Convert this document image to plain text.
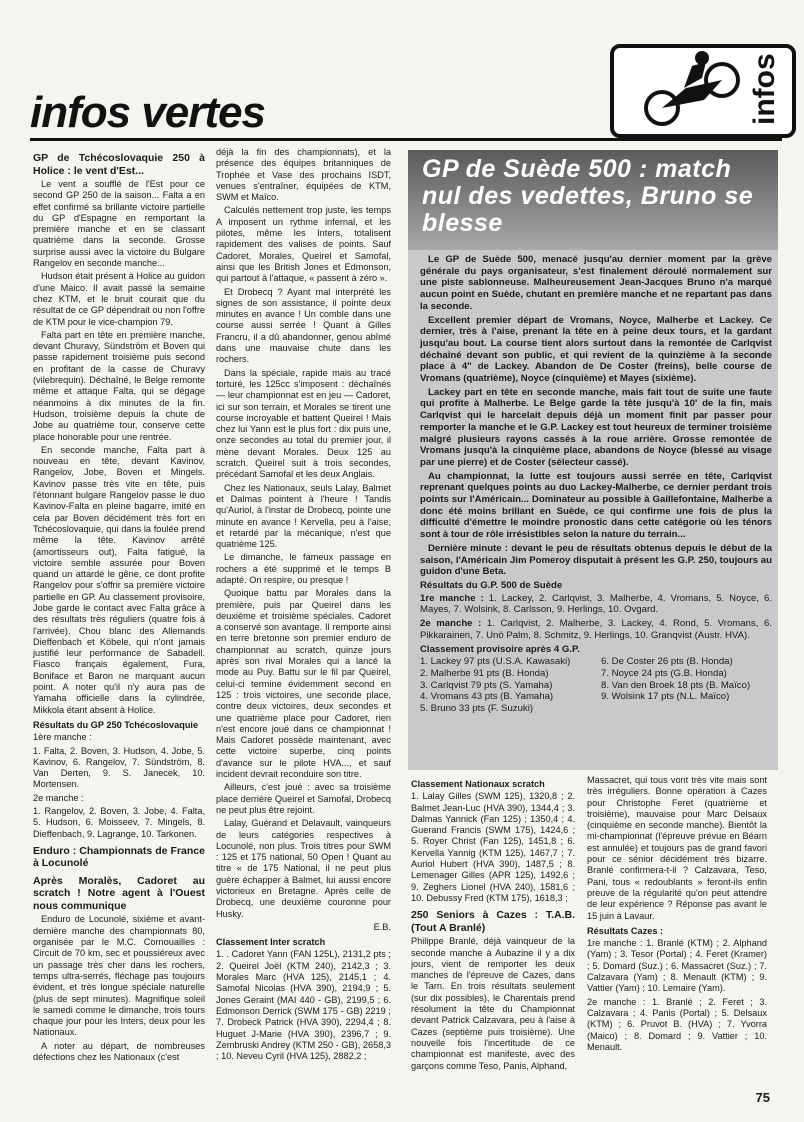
infos vertes	infos

GP de Tchécoslovaquie 250 à Holice : le vent d'Est...

Le vent a soufflé de l'Est pour ce second GP 250 de la saison... Falta a en effet confirmé sa brillante victoire partielle du GP d'Espagne en remportant la première manche et en se classant quatrième dans la seconde. Grosse surprise aussi avec la victoire du Bulgare Rangelov en seconde manche...

Hudson était présent à Holice au guidon d'une Maico. Il avait passé la semaine chez KTM, et le bruit courait que du résultat de ce GP dépendrait ou non l'offre de KTM pour le vice-champion 79.

Falta part en tête en première manche, devant Churavy, Sündström et Boven qui passe rapidement troisième puis second en profitant de la casse de Churavy (vilebrequin). Déchaîné, le Belge remonte même et attaque Falta, qui se dégage néanmoins à dix minutes de la fin. Hudson, troisième depuis la chute de Jobe au quatrième tour, conserve cette place honorable pour une rentrée.

En seconde manche, Falta part à nouveau en tête, devant Kavinov, Rangelov, Jobe, Boven et Mingels. Kavinov passe très vite en tête, puis l'étonnant bulgare Rangelov passe le duo Kavinov-Falta en pleine bagarre, imité en cela par Boven décidément très fort en Tchécoslovaquie, qui dans la foulée prend même la tête. Kavinov arrêté (amortisseurs out), Falta fatigué, la victoire semble assurée pour Boven quand un attardé le gêne, ce dont profite Rangelov pour s'offrir sa première victoire partielle en GP. Au classement provisoire, Jobe garde le contact avec Falta grâce à des résultats très réguliers (quatre fois à l'arrivée). Chou blanc des Allemands Dieffenbach et Köbele, qui n'ont jamais justifié leur performance de Sabadell. Fiasco français également, Fura, Boniface et Baron ne marquant aucun point. A noter qu'il n'y aura pas de Yamaha officielle dans la cylindrée, Mikkola étant absent à Holice.

Résultats du GP 250 Tchécoslovaquie

1ère manche :

1. Falta, 2. Boven, 3. Hudson, 4. Jobe, 5. Kavinov, 6. Rangelov, 7. Sündström, 8. Van Derten, 9. S. Janecek, 10. Mortensen.

2e manche :

1. Rangelov, 2. Boven, 3. Jobe, 4. Falta, 5. Hudson, 6. Moisseev, 7. Mingels, 8. Dieffenbach, 9. Lagrange, 10. Tarkonen.

Enduro : Championnats de France à Locunolé

Après Moralès, Cadoret au scratch ! Notre agent à l'Ouest nous communique

Enduro de Locunolé, sixième et avant-dernière manche des championnats 80, organisée par le M.C. Cornouailles : Circuit de 70 km, sec et poussiéreux avec un passage très cher dans les rochers, temps ultra-serrés, fléchage pas toujours évident, et très longue spéciale naturelle (plus de sept minutes). Magnifique soleil le samedi comme le dimanche, trois tours chaque jour pour les Inters, deux pour les Nationaux.

A noter au départ, de nombreuses défections chez les Nationaux (c'est

déjà la fin des championnats), et la présence des équipes britanniques de Trophée et Vase des prochains ISDT, venues s'entraîner, équipées de KTM, SWM et Maïco.

Calculés nettement trop juste, les temps A imposent un rythme infernal, et les pilotes, même les Inters, totalisent rapidement des valises de points. Sauf Cadoret, Morales, Queirel et Samofal, ainsi que les British Jones et Edmonson, qui partout à l'attaque, « passent à zéro ».

Et Drobecq ? Ayant mal interprété les signes de son assistance, il pointe deux minutes en avance ! Un comble dans une course aussi serrée ! Quant à Gilles Francru, il a dû abandonner, genou abîmé dans une mauvaise chute dans les rochers.

Dans la spéciale, rapide mais au tracé torturé, les 125cc s'imposent : déchaînés — leur championnat est en jeu — Cadoret, ici sur son terrain, et Morales se tirent une course incroyable et battent Queirel ! Mais chez lui Yann est le plus fort : dix puis une, onze secondes au total du premier jour, il mène devant Morales. Deux 125 au scratch. Queirel suit à trois secondes, précédant Samofal et les deux Anglais.

Chez les Nationaux, seuls Lalay, Balmet et Dalmas pointent à l'heure ! Tandis qu'Auriol, à l'instar de Drobecq, pointe une minute en avance ! Kervella, peu à l'aise, et retardé par la mécanique, n'est que quatrième 125.

Le dimanche, le fameux passage en rochers a été supprimé et le temps B adapté. On respire, ou presque !

Quoique battu par Morales dans la première, puis par Queirel dans les deuxième et troisième spéciales. Cadoret a conservé son avantage. Il remporte ainsi en terre bretonne son premier enduro de championnat au scratch, quinze jours après son rival Morales qui a lancé la mode au Puy. Battu sur le fil par Queirel, celui-ci termine évidemment second en 125 : trois victoires, une seconde place, contre deux victoires, deux secondes et une quatrième place pour Cadoret, rien n'est encore joué dans ce championnat ! Mais Cadoret possède maintenant, avec cette victoire superbe, cinq points d'avance sur le pilote HVA..., et sauf incident devrait reconduire son titre.

Ailleurs, c'est joué : avec sa troisième place derrière Queirel et Samofal, Drobecq ne peut plus être rejoint.

Lalay, Guérand et Delavault, vainqueurs de leurs catégories respectives à Locunolé, non plus. Trois titres pour SWM : 125 et 175 national, 50 Open ! Quant au titre « de 175 National, il ne peut plus guère échapper à Balmet, lui aussi encore victorieux en Bretagne. Après celle de Drobecq, une deuxième couronne pour Husky.

E.B.

Classement Inter scratch

1. . Cadoret Yann (FAN 125L), 2131,2 pts ; 2. Queirel Joël (KTM 240), 2142,3 ; 3. Morales Marc (HVA 125), 2145,1 ; 4. Samofal Nicolas (HVA 390), 2194,9 ; 5. Jones Geraint (MAI 440 - GB), 2199,5 ; 6. Edmonson Derrick (SWM 175 - GB) 2219 ; 7. Drobeck Patrick (HVA 390), 2294,4 ; 8. Huguet J-Marie (HVA 390), 2396,7 ; 9. Zembruski Andrey (KTM 250 - GB), 2658,3 ; 10. Neveu Cyril (HVA 125), 2882,2 ;

GP de Suède 500 : match nul des vedettes, Bruno se blesse

Le GP de Suède 500, menacé jusqu'au dernier moment par la grève générale du pays organisateur, s'est finalement déroulé normalement sur une piste sablonneuse. Malheureusement Jean-Jacques Bruno n'a marqué aucun point en Suède, chutant en première manche et ne repartant pas dans la seconde.

Excellent premier départ de Vromans, Noyce, Malherbe et Lackey. Ce dernier, très à l'aise, prenant la tête en à peine deux tours, et la gardant jusqu'au bout. La course tient alors surtout dans la remontée de Carlqvist déchaîné devant son public, et qui revient de la quinzième à la seconde place à 4" de Lackey. Abandon de De Coster (freins), belle course de Vromans (quatrième), Noyce (cinquième) et Mayes (sixième).

Lackey part en tête en seconde manche, mais fait tout de suite une faute qui profite à Malherbe. Le Belge garde la tête jusqu'à 10' de la fin, mais Carlqvist qui le harcelait depuis déjà un moment finit par passer pour remporter la manche et le G.P. Lackey est tout heureux de terminer troisième malgré plusieurs rayons cassés à la roue arrière. Grosse remontée de Vromans jusqu'à la cinquième place, abandons de Noyce (blessé au visage par une pierre) et de Coster (sélecteur cassé).

Au championnat, la lutte est toujours aussi serrée en tête, Carlqvist reprenant quelques points au duo Lackey-Malherbe, ce dernier perdant trois points sur l'Américain... Dominateur au possible à Gaillefontaine, Malherbe a donc été moins brillant en Suède, ce qui confirme une fois de plus la difficulté d'émettre le moindre pronostic dans cette catégorie où les ténors sont à tour de rôle irrésistibles selon la nature du terrain...

Dernière minute : devant le peu de résultats obtenus depuis le début de la saison, l'Américain Jim Pomeroy disputait à présent les G.P. 250, toujours au guidon d'une Beta.

Résultats du G.P. 500 de Suède

1re manche : 1. Lackey, 2. Carlqvist, 3. Malherbe, 4. Vromans, 5. Noyce, 6. Mayes, 7. Wolsink, 8. Carlsson, 9. Herlings, 10. Ovgard.

2e manche : 1. Carlqvist, 2. Malherbe, 3. Lackey, 4. Rond, 5. Vromans, 6. Pikkarainen, 7. Unö Palm, 8. Schmitz, 9. Herlings, 10. Granqvist (Austr. HVA).

Classement provisoire après 4 G.P.

1. Lackey 97 pts (U.S.A. Kawasaki)	6. De Coster 26 pts (B. Honda)
2. Malherbe 91 pts (B. Honda)	7. Noyce 24 pts (G.B. Honda)
3. Carlqvist 79 pts (S. Yamaha)	8. Van den Broek 18 pts (B. Maïco)
4. Vromans 43 pts (B. Yamaha)	9. Wolsink 17 pts (N.L. Maïco)
5. Bruno 33 pts (F. Suzuki)

Classement Nationaux scratch

1. Lalay Gilles (SWM 125), 1320,8 ; 2. Balmet Jean-Luc (HVA 390), 1344,4 ; 3. Dalmas Yannick (Fan 125) ; 1350,4 ; 4. Guerand Francis (SWM 175), 1424,6 ; 5. Royer Christ (Fan 125), 1451,8 ; 6. Kervella Yannig (KTM 125), 1467,7 ; 7. Auriol Hubert (HVA 390), 1487,5 ; 8. Lemenager Gilles (APR 125), 1492,6 ; 9. Zeghers Lionel (HVA 240), 1581,6 ; 10. Debussy Fred (KTM 175), 1618,3 ;

250 Seniors à Cazes : T.A.B. (Tout A Branlé)

Philippe Branlé, déjà vainqueur de la seconde manche à Aubazine il y a dix jours, vient de remporter les deux manches de l'épreuve de Cazes, dans le Tarn. En trois résultats seulement (sur dix possibles), le Charentais prend résolument la tête du Championnat devant Patrick Calzavara, peu à l'aise à Cazes (septième puis troisième). Une nouvelle fois l'incertitude de ce championnat est manifeste, avec des garçons comme Teso, Panis, Alphand,

Massacret, qui tous vont très vite mais sont très irréguliers. Bonne opération à Cazes pour Christophe Feret (quatrième et troisième), mauvaise pour Marc Delsaux (cinquième en seconde manche). Bientôt la mi-championnat (l'épreuve prévue en Béarn est annulée) et toujours pas de grand favori pour ce sénior décidément très bizarre. Branlé confirmera-t-il ? Calzavara, Teso, Pani, tous « redoublants » feront-ils enfin preuve de la régularité qu'on peut attendre de leur expérience ? Réponse pas avant le 15 juin à Lavaur.

Résultats Cazes :

1re manche : 1. Branlé (KTM) ; 2. Alphand (Yam) ; 3. Tesor (Portal) ; 4. Feret (Kramer) ; 5. Domard (Suz.) ; 6. Massacret (Suz.) ; 7. Calzavara (Yam) ; 8. Menault (KTM) ; 9. Vattier (Yam) ; 10. Lemaire (Yam).

2e manche : 1. Branlé ; 2. Feret ; 3. Calzavara ; 4. Panis (Portal) ; 5. Delsaux (KTM) ; 6. Pruvot B. (HVA) ; 7. Yvorra (Maico) ; 8. Domard ; 9. Vattier ; 10. Menault.

75
